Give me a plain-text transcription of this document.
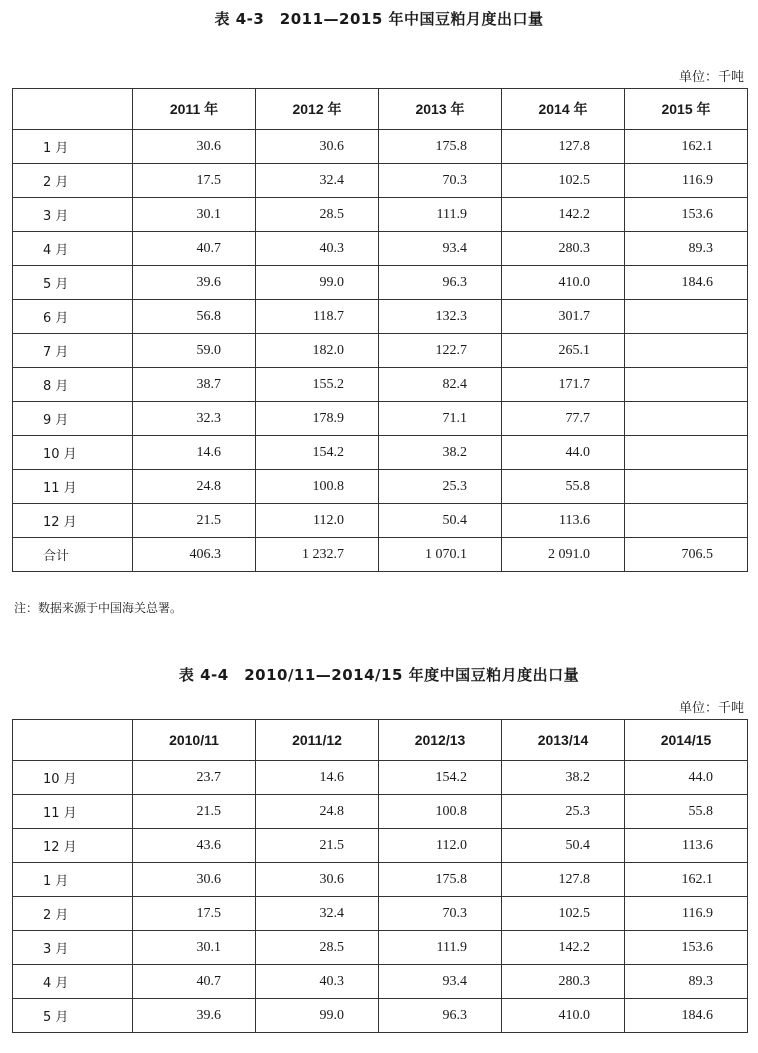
表 4-3　2011—2015 年中国豆粕月度出口量
单位：千吨
	2011 年	2012 年	2013 年	2014 年	2015 年
1 月	30.6	30.6	175.8	127.8	162.1
2 月	17.5	32.4	70.3	102.5	116.9
3 月	30.1	28.5	111.9	142.2	153.6
4 月	40.7	40.3	93.4	280.3	89.3
5 月	39.6	99.0	96.3	410.0	184.6
6 月	56.8	118.7	132.3	301.7	
7 月	59.0	182.0	122.7	265.1	
8 月	38.7	155.2	82.4	171.7	
9 月	32.3	178.9	71.1	77.7	
10 月	14.6	154.2	38.2	44.0	
11 月	24.8	100.8	25.3	55.8	
12 月	21.5	112.0	50.4	113.6	
合计	406.3	1 232.7	1 070.1	2 091.0	706.5
注：数据来源于中国海关总署。
表 4-4　2010/11—2014/15 年度中国豆粕月度出口量
单位：千吨
	2010/11	2011/12	2012/13	2013/14	2014/15
10 月	23.7	14.6	154.2	38.2	44.0
11 月	21.5	24.8	100.8	25.3	55.8
12 月	43.6	21.5	112.0	50.4	113.6
1 月	30.6	30.6	175.8	127.8	162.1
2 月	17.5	32.4	70.3	102.5	116.9
3 月	30.1	28.5	111.9	142.2	153.6
4 月	40.7	40.3	93.4	280.3	89.3
5 月	39.6	99.0	96.3	410.0	184.6
